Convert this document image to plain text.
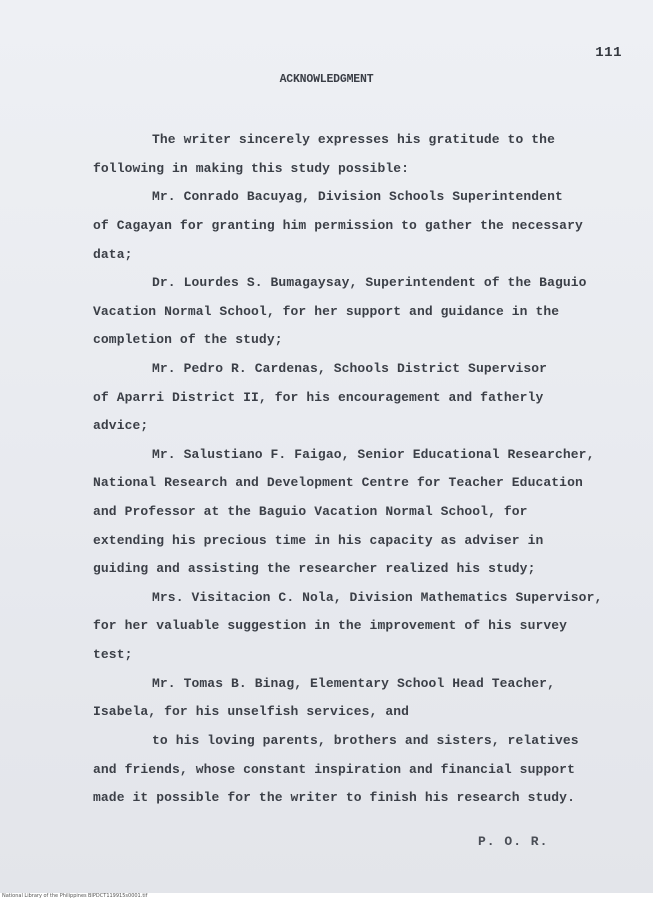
111
ACKNOWLEDGMENT
The writer sincerely expresses his gratitude to the
following in making this study possible:
Mr. Conrado Bacuyag, Division Schools Superintendent
of Cagayan for granting him permission to gather the necessary
data;
Dr. Lourdes S. Bumagaysay, Superintendent of the Baguio
Vacation Normal School, for her support and guidance in the
completion of the study;
Mr. Pedro R. Cardenas, Schools District Supervisor
of Aparri District II, for his encouragement and fatherly
advice;
Mr. Salustiano F. Faigao, Senior Educational Researcher,
National Research and Development Centre for Teacher Education
and Professor at the Baguio Vacation Normal School, for
extending his precious time in his capacity as adviser in
guiding and assisting the researcher realized his study;
Mrs. Visitacion C. Nola, Division Mathematics Supervisor,
for her valuable suggestion in the improvement of his survey
test;
Mr. Tomas B. Binag, Elementary School Head Teacher,
Isabela, for his unselfish services, and
to his loving parents, brothers and sisters, relatives
and friends, whose constant inspiration and financial support
made it possible for the writer to finish his research study.
P. O. R.
National Library of the Philippines BIPDCT119915s0001.tif
